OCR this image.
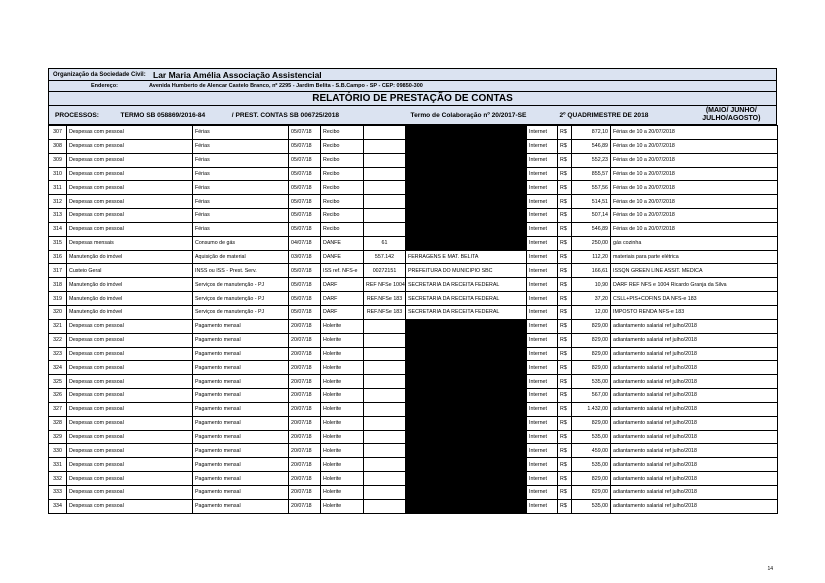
Organização da Sociedade Civil: Lar Maria Amélia Associação Assistencial
Endereço:	Avenida Humberto de Alencar Castelo Branco, nº 2295 - Jardim Belita - S.B.Campo - SP - CEP: 09850-300
RELATÓRIO DE PRESTAÇÃO DE CONTAS
PROCESSOS:	TERMO SB 058869/2016-84	/ PREST. CONTAS SB 006725/2018	Termo de Colaboração nº 20/2017-SE	2º QUADRIMESTRE DE 2018
(MAIO/ JUNHO/
JULHO/AGOSTO)
307	Despesas com pessoal	Férias	05/07/18	Recibo			Internet	R$	872,10	Férias de 10 a 20/07/2018
308	Despesas com pessoal	Férias	05/07/18	Recibo			Internet	R$	546,89	Férias de 10 a 20/07/2018
309	Despesas com pessoal	Férias	05/07/18	Recibo			Internet	R$	552,23	Férias de 10 a 20/07/2018
310	Despesas com pessoal	Férias	05/07/18	Recibo			Internet	R$	855,57	Férias de 10 a 20/07/2018
311	Despesas com pessoal	Férias	05/07/18	Recibo			Internet	R$	557,56	Férias de 10 a 20/07/2018
312	Despesas com pessoal	Férias	05/07/18	Recibo			Internet	R$	514,51	Férias de 10 a 20/07/2018
313	Despesas com pessoal	Férias	05/07/18	Recibo			Internet	R$	507,14	Férias de 10 a 20/07/2018
314	Despesas com pessoal	Férias	05/07/18	Recibo			Internet	R$	546,89	Férias de 10 a 20/07/2018
315	Despesas mensais	Consumo de gás	04/07/18	DANFE	61		Internet	R$	250,00	gás cozinha
316	Manutenção do imóvel	Aquisição de material	03/07/18	DANFE	557.142	FERRAGENS E MAT. BELITA	Internet	R$	112,20	materiais para parte elétrica
317	Custeio Geral	INSS ou ISS - Prest. Serv.	05/07/18	ISS ref. NFS-e	00272151	PREFEITURA DO MUNICIPIO SBC	Internet	R$	166,61	ISSQN GREEN LINE ASSIT. MEDICA
318	Manutenção do imóvel	Serviços de manutenção - PJ	05/07/18	DARF	REF NFSe 1004	SECRETARIA DA RECEITA FEDERAL	Internet	R$	10,90	DARF REF NFS e 1004 Ricardo Granja da Silva
319	Manutenção do imóvel	Serviços de manutenção - PJ	05/07/18	DARF	REF.NFSe 183	SECRETARIA DA RECEITA FEDERAL	Internet	R$	37,20	CSLL+PIS+COFINS DA NFS-e 183
320	Manutenção do imóvel	Serviços de manutenção - PJ	05/07/18	DARF	REF.NFSe 183	SECRETARIA DA RECEITA FEDERAL	Internet	R$	12,00	IMPOSTO RENDA NFS-e 183
321	Despesas com pessoal	Pagamento mensal	20/07/18	Holerite			Internet	R$	829,00	adiantamento salarial ref julho/2018
322	Despesas com pessoal	Pagamento mensal	20/07/18	Holerite			Internet	R$	829,00	adiantamento salarial ref julho/2018
323	Despesas com pessoal	Pagamento mensal	20/07/18	Holerite			Internet	R$	829,00	adiantamento salarial ref julho/2018
324	Despesas com pessoal	Pagamento mensal	20/07/18	Holerite			Internet	R$	829,00	adiantamento salarial ref julho/2018
325	Despesas com pessoal	Pagamento mensal	20/07/18	Holerite			Internet	R$	535,00	adiantamento salarial ref julho/2018
326	Despesas com pessoal	Pagamento mensal	20/07/18	Holerite			Internet	R$	567,00	adiantamento salarial ref julho/2018
327	Despesas com pessoal	Pagamento mensal	20/07/18	Holerite			Internet	R$	1.432,00	adiantamento salarial ref julho/2018
328	Despesas com pessoal	Pagamento mensal	20/07/18	Holerite			Internet	R$	829,00	adiantamento salarial ref julho/2018
329	Despesas com pessoal	Pagamento mensal	20/07/18	Holerite			Internet	R$	535,00	adiantamento salarial ref julho/2018
330	Despesas com pessoal	Pagamento mensal	20/07/18	Holerite			Internet	R$	459,00	adiantamento salarial ref julho/2018
331	Despesas com pessoal	Pagamento mensal	20/07/18	Holerite			Internet	R$	535,00	adiantamento salarial ref julho/2018
332	Despesas com pessoal	Pagamento mensal	20/07/18	Holerite			Internet	R$	829,00	adiantamento salarial ref julho/2018
333	Despesas com pessoal	Pagamento mensal	20/07/18	Holerite			Internet	R$	829,00	adiantamento salarial ref julho/2018
334	Despesas com pessoal	Pagamento mensal	20/07/18	Holerite			Internet	R$	535,00	adiantamento salarial ref julho/2018
14
